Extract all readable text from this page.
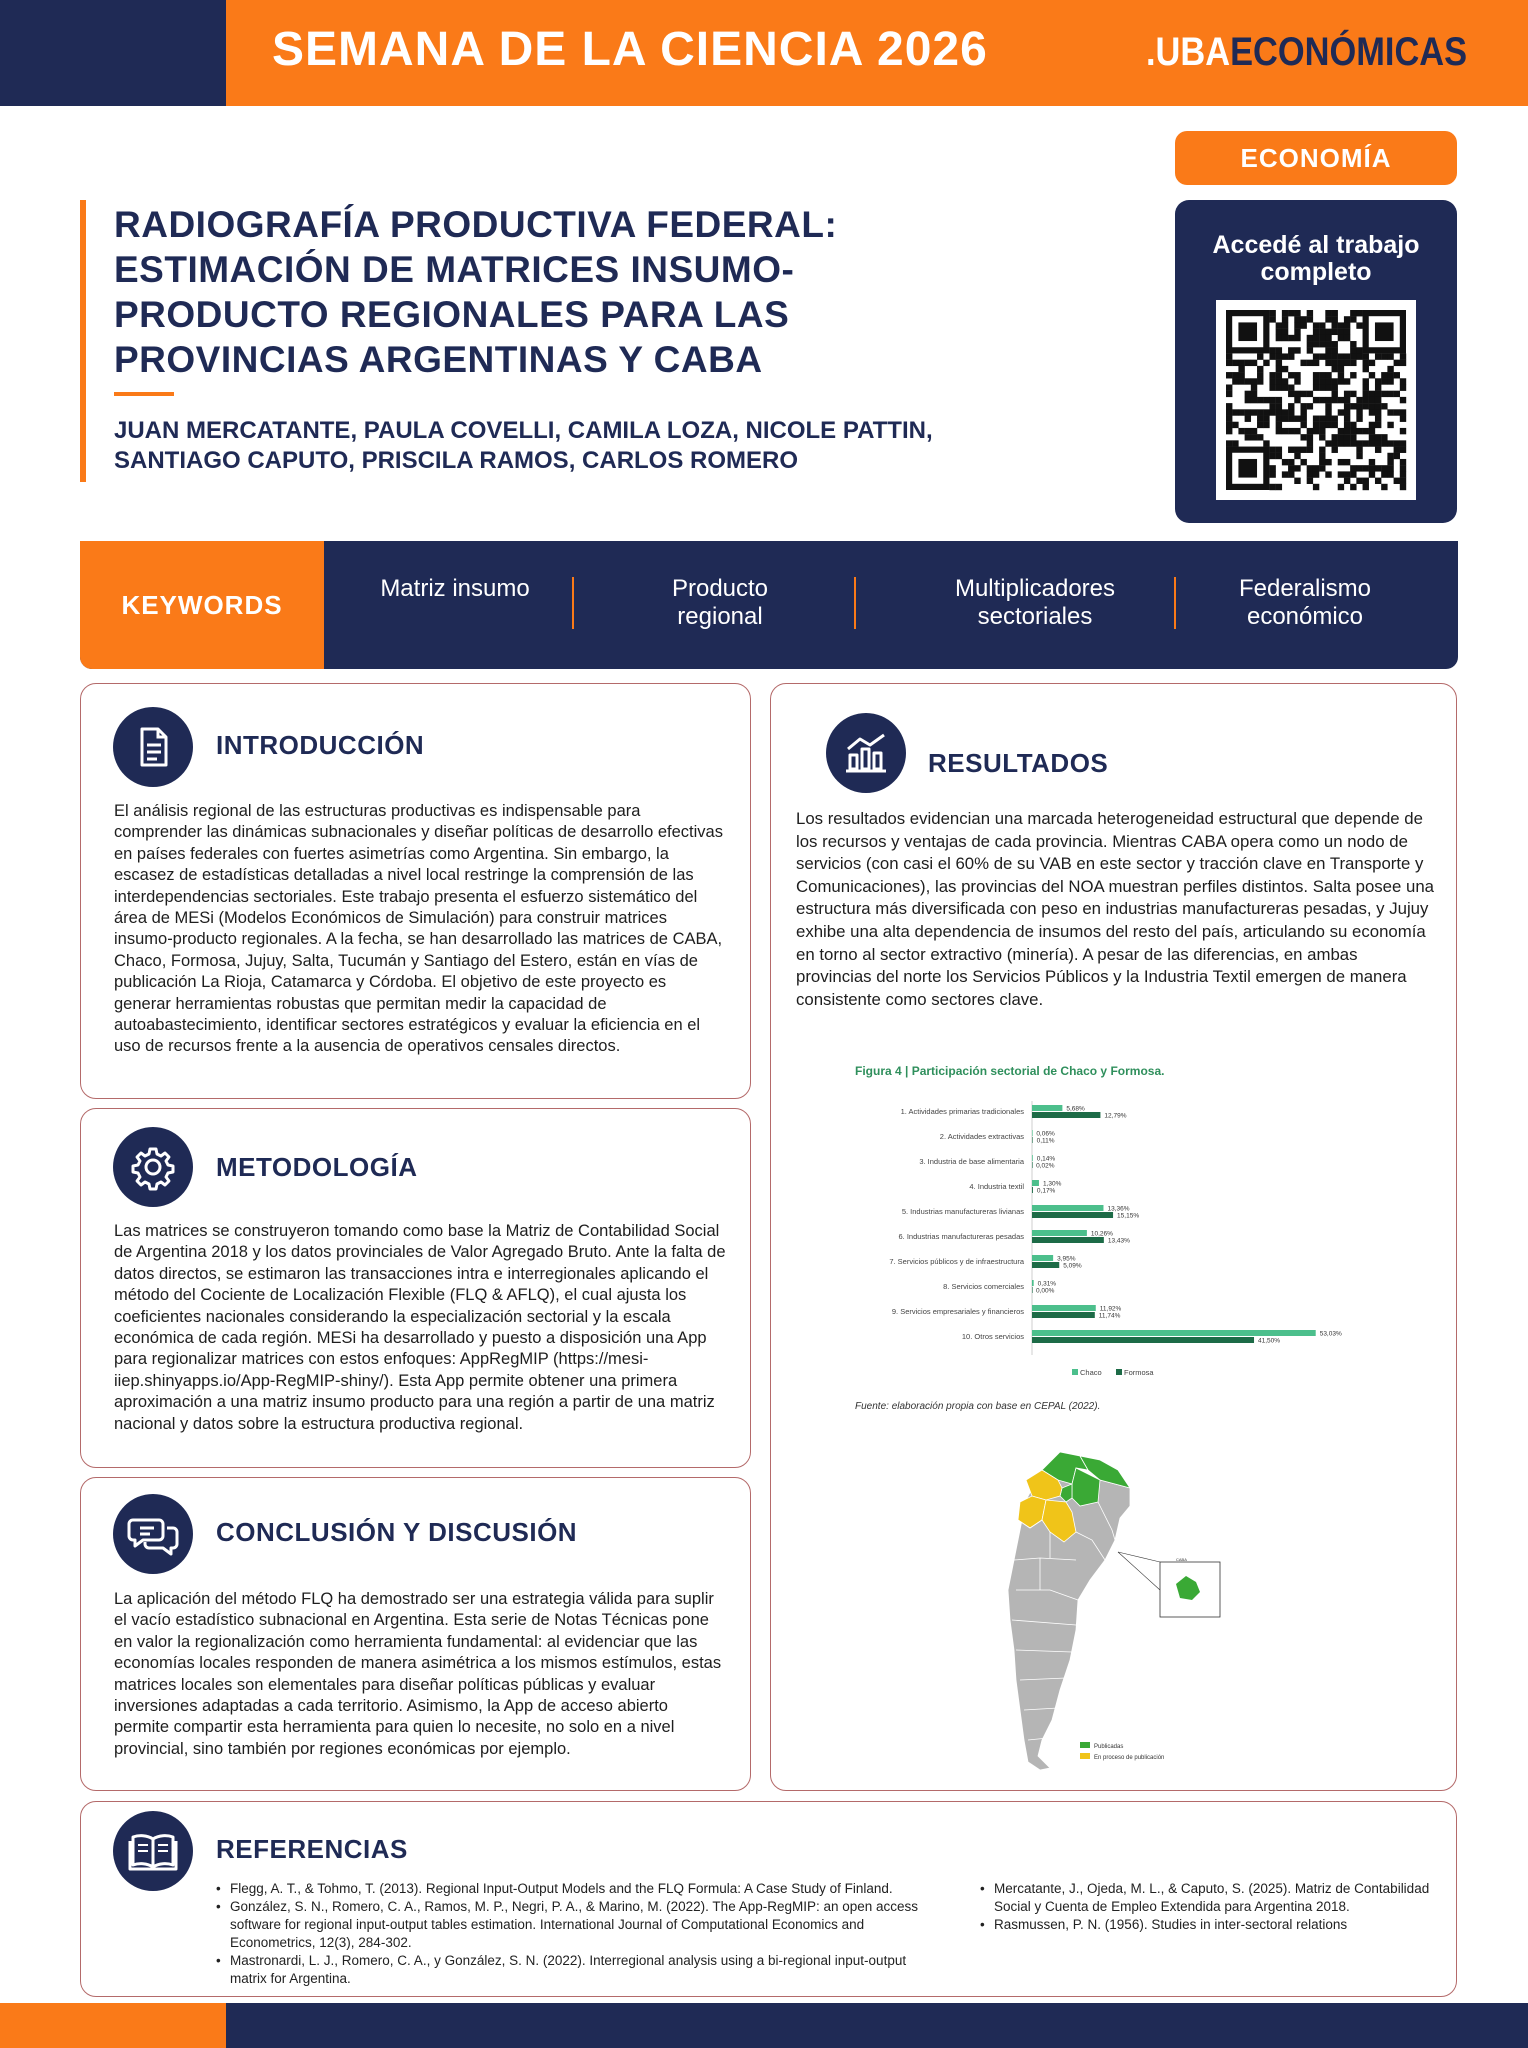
SEMANA DE LA CIENCIA 2026	.UBAECONÓMICAS
ECONOMÍA
Accedé al trabajo completo
RADIOGRAFÍA PRODUCTIVA FEDERAL: ESTIMACIÓN DE MATRICES INSUMO-PRODUCTO REGIONALES PARA LAS PROVINCIAS ARGENTINAS Y CABA
JUAN MERCATANTE, PAULA COVELLI, CAMILA LOZA, NICOLE PATTIN, SANTIAGO CAPUTO, PRISCILA RAMOS, CARLOS ROMERO
KEYWORDS
Matriz insumo	Producto regional
Multiplicadores sectoriales
Federalismo económico
INTRODUCCIÓN
El análisis regional de las estructuras productivas es indispensable para comprender las dinámicas subnacionales y diseñar políticas de desarrollo efectivas en países federales con fuertes asimetrías como Argentina. Sin embargo, la escasez de estadísticas detalladas a nivel local restringe la comprensión de las interdependencias sectoriales. Este trabajo presenta el esfuerzo sistemático del área de MESi (Modelos Económicos de Simulación) para construir matrices insumo-producto regionales. A la fecha, se han desarrollado las matrices de CABA, Chaco, Formosa, Jujuy, Salta, Tucumán y Santiago del Estero, están en vías de publicación La Rioja, Catamarca y Córdoba. El objetivo de este proyecto es generar herramientas robustas que permitan medir la capacidad de autoabastecimiento, identificar sectores estratégicos y evaluar la eficiencia en el uso de recursos frente a la ausencia de operativos censales directos.
METODOLOGÍA
Las matrices se construyeron tomando como base la Matriz de Contabilidad Social de Argentina 2018 y los datos provinciales de Valor Agregado Bruto. Ante la falta de datos directos, se estimaron las transacciones intra e interregionales aplicando el método del Cociente de Localización Flexible (FLQ & AFLQ), el cual ajusta los coeficientes nacionales considerando la especialización sectorial y la escala económica de cada región. MESi ha desarrollado y puesto a disposición una App para regionalizar matrices con estos enfoques: AppRegMIP (https://mesi-iiep.shinyapps.io/App-RegMIP-shiny/). Esta App permite obtener una primera aproximación a una matriz insumo producto para una región a partir de una matriz nacional y datos sobre la estructura productiva regional.
CONCLUSIÓN Y DISCUSIÓN
La aplicación del método FLQ ha demostrado ser una estrategia válida para suplir el vacío estadístico subnacional en Argentina. Esta serie de Notas Técnicas pone en valor la regionalización como herramienta fundamental: al evidenciar que las economías locales responden de manera asimétrica a los mismos estímulos, estas matrices locales son elementales para diseñar políticas públicas y evaluar inversiones adaptadas a cada territorio. Asimismo, la App de acceso abierto permite compartir esta herramienta para quien lo necesite, no solo en a nivel provincial, sino también por regiones económicas por ejemplo.
RESULTADOS
Los resultados evidencian una marcada heterogeneidad estructural que depende de los recursos y ventajas de cada provincia. Mientras CABA opera como un nodo de servicios (con casi el 60% de su VAB en este sector y tracción clave en Transporte y Comunicaciones), las provincias del NOA muestran perfiles distintos. Salta posee una estructura más diversificada con peso en industrias manufactureras pesadas, y Jujuy exhibe una alta dependencia de insumos del resto del país, articulando su economía en torno al sector extractivo (minería). A pesar de las diferencias, en ambas provincias del norte los Servicios Públicos y la Industria Textil emergen de manera consistente como sectores clave.
Figura 4 | Participación sectorial de Chaco y Formosa.
1. Actividades primarias tradicionales	5,68%
12,79%
2. Actividades extractivas 0,06%
0,11%
3. Industria de base alimentaria 0,14%
0,02%
4. Industria textil	1,30%
0,17%
5. Industrias manufactureras livianas	13,36%
15,15%
6. Industrias manufactureras pesadas	10,26%
13,43%
7. Servicios públicos y de infraestructura	3,95%
5,09%
8. Servicios comerciales 0,31%
0,00%
9. Servicios empresariales y financieros	11,92%
11,74%
10. Otros servicios	53,03%
41,50%
Chaco	Formosa
Fuente: elaboración propia con base en CEPAL (2022).
CABA
Publicadas
En proceso de publicación
REFERENCIAS
• Flegg, A. T., & Tohmo, T. (2013). Regional Input-Output Models and the FLQ Formula: A Case Study of Finland.
• González, S. N., Romero, C. A., Ramos, M. P., Negri, P. A., & Marino, M. (2022). The App-RegMIP: an open access software for regional input-output tables estimation. International Journal of Computational Economics and Econometrics, 12(3), 284-302.
• Mastronardi, L. J., Romero, C. A., y González, S. N. (2022). Interregional analysis using a bi-regional input-output matrix for Argentina.
• Mercatante, J., Ojeda, M. L., & Caputo, S. (2025). Matriz de Contabilidad Social y Cuenta de Empleo Extendida para Argentina 2018.
• Rasmussen, P. N. (1956). Studies in inter-sectoral relations
